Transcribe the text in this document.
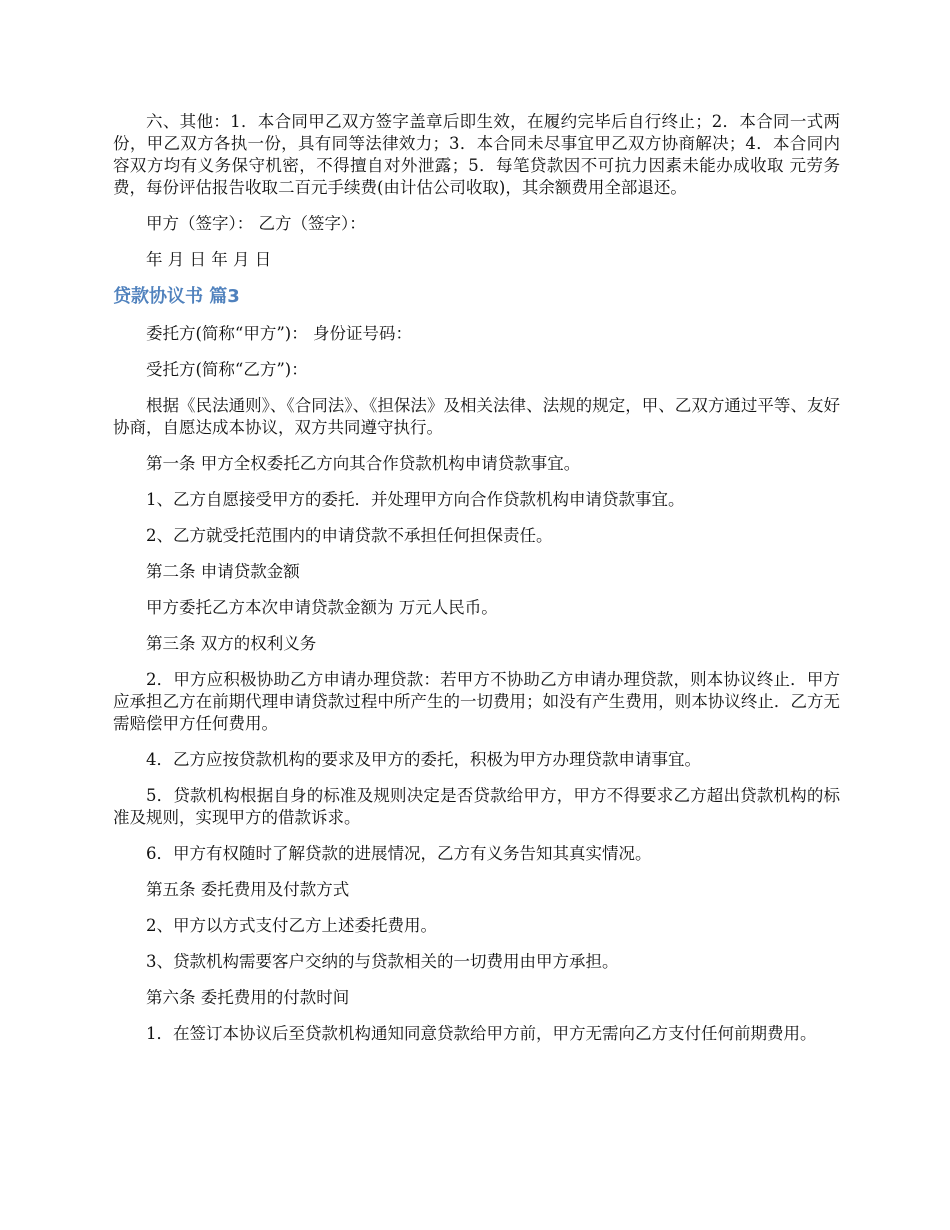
六、其他：1．本合同甲乙双方签字盖章后即生效，在履约完毕后自行终止；2．本合同一式两份，甲乙双方各执一份，具有同等法律效力；3．本合同未尽事宜甲乙双方协商解决；4．本合同内容双方均有义务保守机密，不得擅自对外泄露；5．每笔贷款因不可抗力因素未能办成收取 元劳务费，每份评估报告收取二百元手续费(由计估公司收取)，其余额费用全部退还。

甲方（签字）： 乙方（签字）：

年 月 日 年 月 日

贷款协议书 篇3

委托方(简称“甲方”)： 身份证号码：

受托方(简称“乙方”)：

根据《民法通则》、《合同法》、《担保法》及相关法律、法规的规定，甲、乙双方通过平等、友好协商，自愿达成本协议，双方共同遵守执行。

第一条 甲方全权委托乙方向其合作贷款机构申请贷款事宜。

1、乙方自愿接受甲方的委托．并处理甲方向合作贷款机构申请贷款事宜。

2、乙方就受托范围内的申请贷款不承担任何担保责任。

第二条 申请贷款金额

甲方委托乙方本次申请贷款金额为 万元人民币。

第三条 双方的权利义务

2．甲方应积极协助乙方申请办理贷款：若甲方不协助乙方申请办理贷款，则本协议终止．甲方应承担乙方在前期代理申请贷款过程中所产生的一切费用；如没有产生费用，则本协议终止．乙方无需赔偿甲方任何费用。

4．乙方应按贷款机构的要求及甲方的委托，积极为甲方办理贷款申请事宜。

5．贷款机构根据自身的标准及规则决定是否贷款给甲方，甲方不得要求乙方超出贷款机构的标准及规则，实现甲方的借款诉求。

6．甲方有权随时了解贷款的进展情况，乙方有义务告知其真实情况。

第五条 委托费用及付款方式

2、甲方以方式支付乙方上述委托费用。

3、贷款机构需要客户交纳的与贷款相关的一切费用由甲方承担。

第六条 委托费用的付款时间

1．在签订本协议后至贷款机构通知同意贷款给甲方前，甲方无需向乙方支付任何前期费用。
